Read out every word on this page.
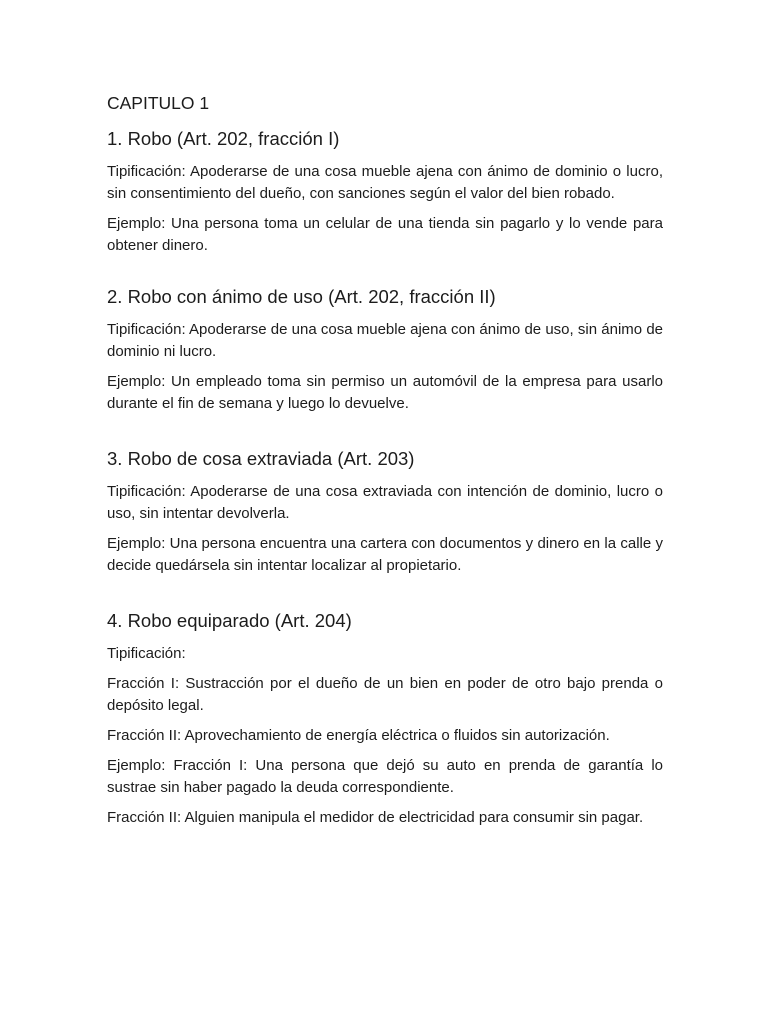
CAPITULO 1
1. Robo (Art. 202, fracción I)

Tipificación: Apoderarse de una cosa mueble ajena con ánimo de dominio o lucro, sin consentimiento del dueño, con sanciones según el valor del bien robado.

Ejemplo: Una persona toma un celular de una tienda sin pagarlo y lo vende para obtener dinero.

2. Robo con ánimo de uso (Art. 202, fracción II)

Tipificación: Apoderarse de una cosa mueble ajena con ánimo de uso, sin ánimo de dominio ni lucro.

Ejemplo: Un empleado toma sin permiso un automóvil de la empresa para usarlo durante el fin de semana y luego lo devuelve.

3. Robo de cosa extraviada (Art. 203)

Tipificación: Apoderarse de una cosa extraviada con intención de dominio, lucro o uso, sin intentar devolverla.

Ejemplo: Una persona encuentra una cartera con documentos y dinero en la calle y decide quedársela sin intentar localizar al propietario.

4. Robo equiparado (Art. 204)

Tipificación:

Fracción I: Sustracción por el dueño de un bien en poder de otro bajo prenda o depósito legal.

Fracción II: Aprovechamiento de energía eléctrica o fluidos sin autorización.

Ejemplo: Fracción I: Una persona que dejó su auto en prenda de garantía lo sustrae sin haber pagado la deuda correspondiente.

Fracción II: Alguien manipula el medidor de electricidad para consumir sin pagar.
